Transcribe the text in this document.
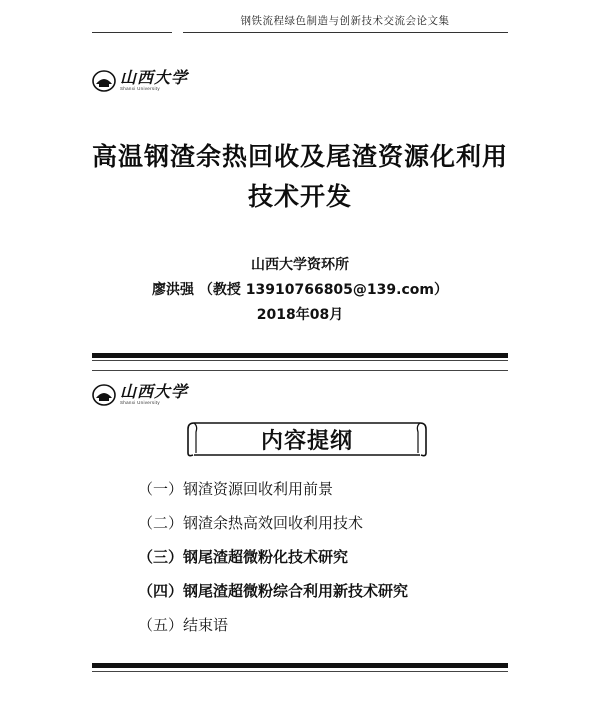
钢铁流程绿色制造与创新技术交流会论文集
山西大学
Shanxi University
高温钢渣余热回收及尾渣资源化利用
技术开发
山西大学资环所
廖洪强 （教授 13910766805@139.com）
2018年08月
山西大学
Shanxi University
内容提纲
（一）钢渣资源回收利用前景
（二）钢渣余热高效回收利用技术
（三）钢尾渣超微粉化技术研究
（四）钢尾渣超微粉综合利用新技术研究
（五）结束语
